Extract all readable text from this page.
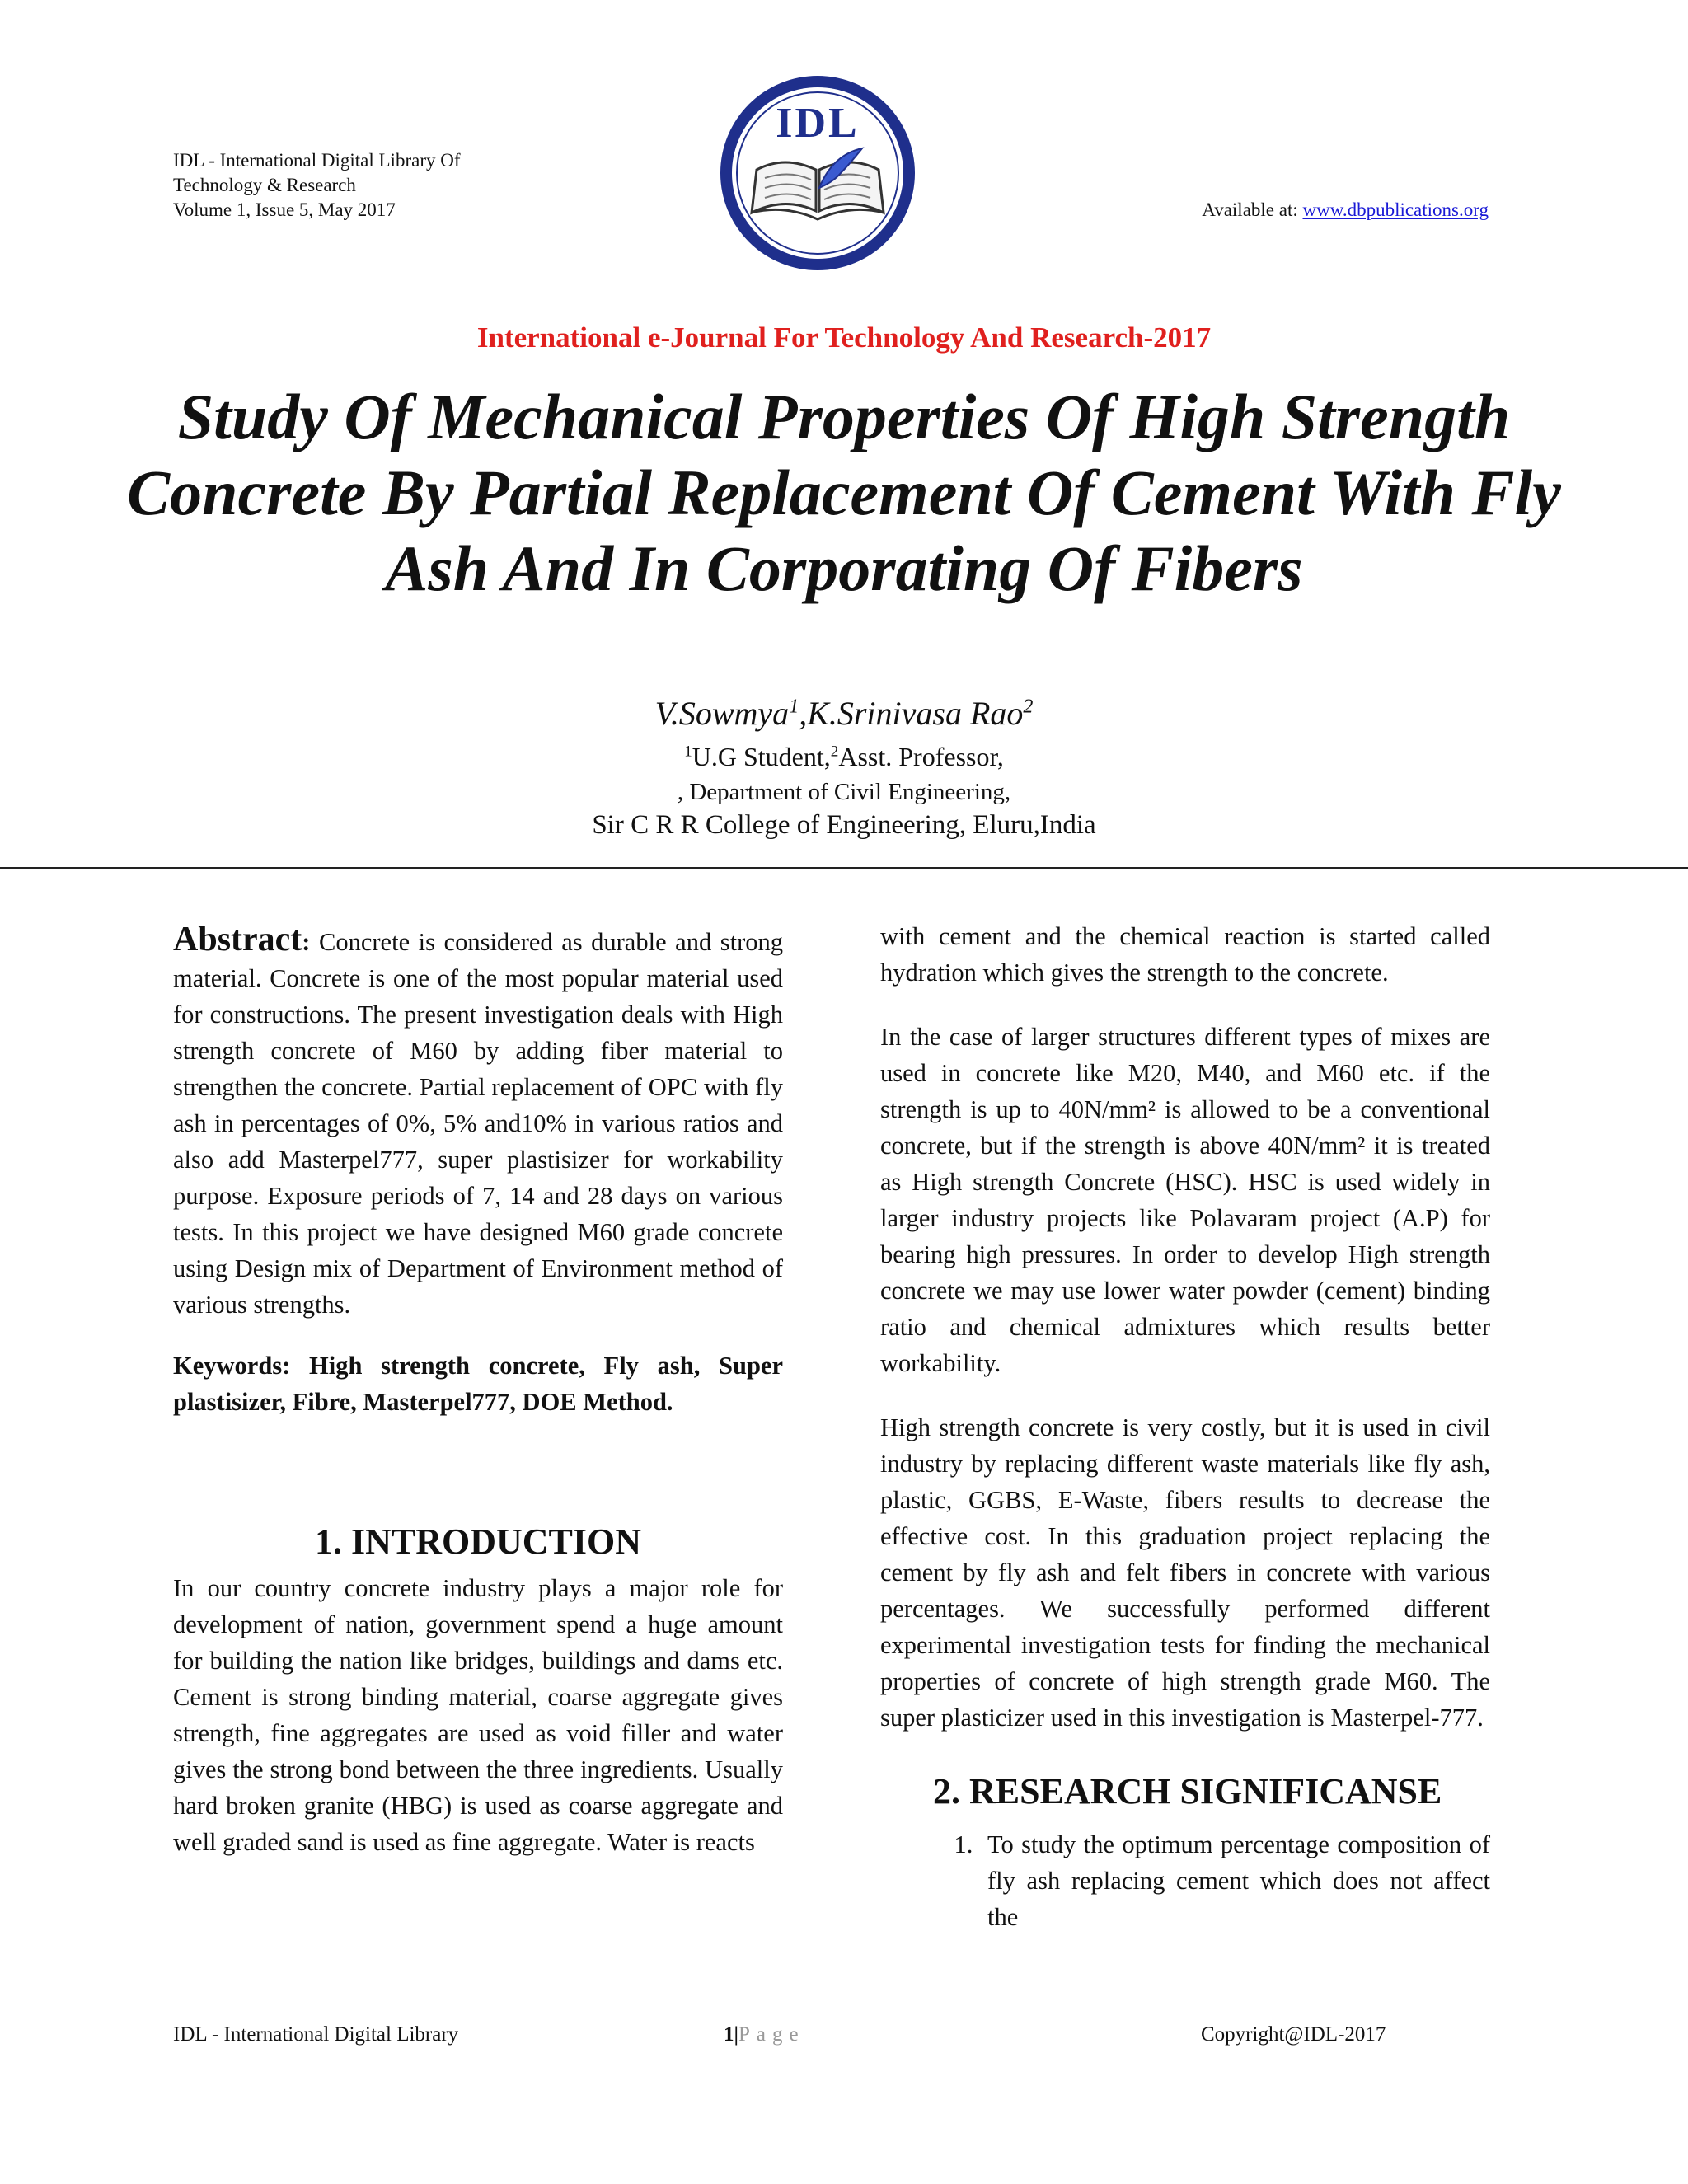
IDL - International Digital Library Of
Technology & Research
Volume 1, Issue 5, May 2017
IDL
Available at: www.dbpublications.org
International e-Journal For Technology And Research-2017
Study Of Mechanical Properties Of High Strength Concrete By Partial Replacement Of Cement With Fly Ash And In Corporating Of Fibers
V.Sowmya$^1$,K.Srinivasa Rao$^2$
$^1$U.G Student,$^2$Asst. Professor,
, Department of Civil Engineering,
Sir C R R College of Engineering, Eluru,India

Abstract: Concrete is considered as durable and strong material. Concrete is one of the most popular material used for constructions. The present investigation deals with High strength concrete of M60 by adding fiber material to strengthen the concrete. Partial replacement of OPC with fly ash in percentages of 0%, 5% and10% in various ratios and also add Masterpel777, super plastisizer for workability purpose. Exposure periods of 7, 14 and 28 days on various tests. In this project we have designed M60 grade concrete using Design mix of Department of Environment method of various strengths.

Keywords: High strength concrete, Fly ash, Super plastisizer, Fibre, Masterpel777, DOE Method.

1. INTRODUCTION

In our country concrete industry plays a major role for development of nation, government spend a huge amount for building the nation like bridges, buildings and dams etc. Cement is strong binding material, coarse aggregate gives strength, fine aggregates are used as void filler and water gives the strong bond between the three ingredients. Usually hard broken granite (HBG) is used as coarse aggregate and well graded sand is used as fine aggregate. Water is reacts

with cement and the chemical reaction is started called hydration which gives the strength to the concrete.

In the case of larger structures different types of mixes are used in concrete like M20, M40, and M60 etc. if the strength is up to 40N/mm² is allowed to be a conventional concrete, but if the strength is above 40N/mm² it is treated as High strength Concrete (HSC). HSC is used widely in larger industry projects like Polavaram project (A.P) for bearing high pressures. In order to develop High strength concrete we may use lower water powder (cement) binding ratio and chemical admixtures which results better workability.

High strength concrete is very costly, but it is used in civil industry by replacing different waste materials like fly ash, plastic, GGBS, E-Waste, fibers results to decrease the effective cost. In this graduation project replacing the cement by fly ash and felt fibers in concrete with various percentages. We successfully performed different experimental investigation tests for finding the mechanical properties of concrete of high strength grade M60. The super plasticizer used in this investigation is Masterpel-777.

2. RESEARCH SIGNIFICANSE

1. To study the optimum percentage composition of fly ash replacing cement which does not affect the
IDL - International Digital Library	1|Page	Copyright@IDL-2017
